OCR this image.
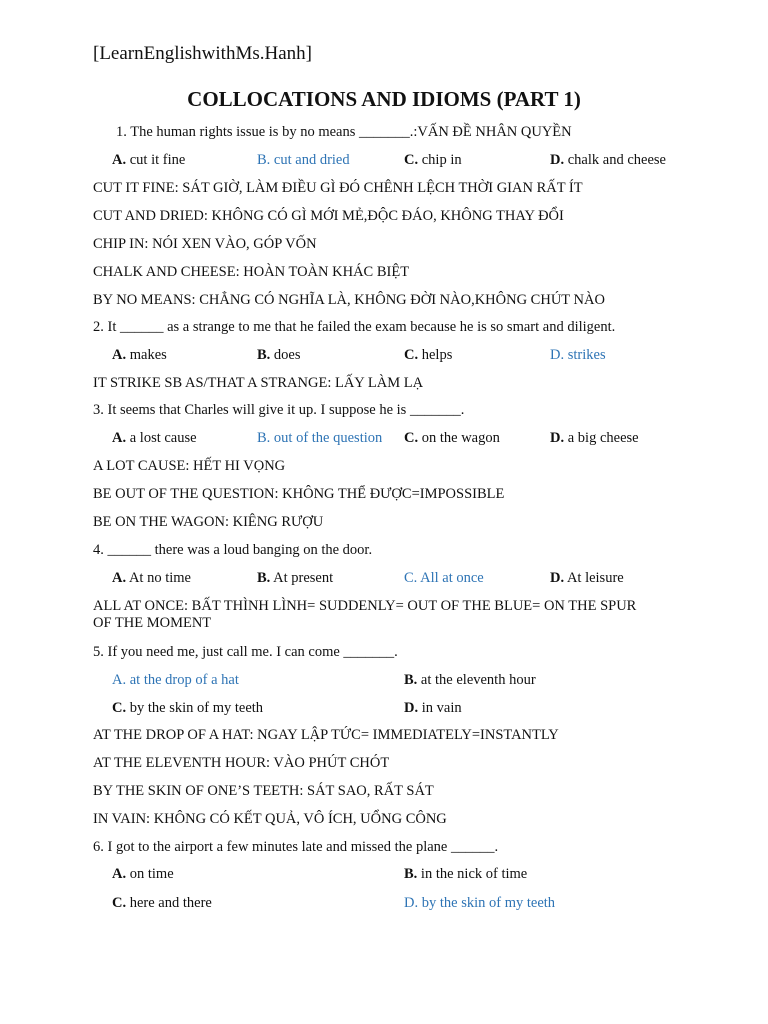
[LearnEnglishwithMs.Hanh]
COLLOCATIONS AND IDIOMS (PART 1)
1. The human rights issue is by no means _______.:VẤN ĐỀ NHÂN QUYỀN
A. cut it fine	B. cut and dried	C. chip in	D. chalk and cheese
CUT IT FINE: SÁT GIỜ, LÀM ĐIỀU GÌ ĐÓ CHÊNH LỆCH THỜI GIAN RẤT ÍT
CUT AND DRIED: KHÔNG CÓ GÌ MỚI MẺ,ĐỘC ĐÁO, KHÔNG THAY ĐỔI
CHIP IN: NÓI XEN VÀO, GÓP VỐN
CHALK AND CHEESE: HOÀN TOÀN KHÁC BIỆT
BY NO MEANS: CHẲNG CÓ NGHĨA LÀ, KHÔNG ĐỜI NÀO,KHÔNG CHÚT NÀO
2. It ______ as a strange to me that he failed the exam because he is so smart and diligent.
A. makes	B. does	C. helps	D. strikes
IT STRIKE SB AS/THAT A STRANGE: LẤY LÀM LẠ
3. It seems that Charles will give it up. I suppose he is _______.
A. a lost cause	B. out of the question C. on the wagon	D. a big cheese
A LOT CAUSE: HẾT HI VỌNG
BE OUT OF THE QUESTION: KHÔNG THỂ ĐƯỢC=IMPOSSIBLE
BE ON THE WAGON: KIÊNG RƯỢU
4. ______ there was a loud banging on the door.
A. At no time	B. At present	C. All at once	D. At leisure
ALL AT ONCE: BẤT THÌNH LÌNH= SUDDENLY= OUT OF THE BLUE= ON THE SPUR OF THE MOMENT
5. If you need me, just call me. I can come _______.
A. at the drop of a hat	B. at the eleventh hour
C. by the skin of my teeth	D. in vain
AT THE DROP OF A HAT: NGAY LẬP TỨC= IMMEDIATELY=INSTANTLY
AT THE ELEVENTH HOUR: VÀO PHÚT CHÓT
BY THE SKIN OF ONE’S TEETH: SÁT SAO, RẤT SÁT
IN VAIN: KHÔNG CÓ KẾT QUẢ, VÔ ÍCH, UỔNG CÔNG
6. I got to the airport a few minutes late and missed the plane ______.
A. on time	B. in the nick of time
C. here and there	D. by the skin of my teeth
